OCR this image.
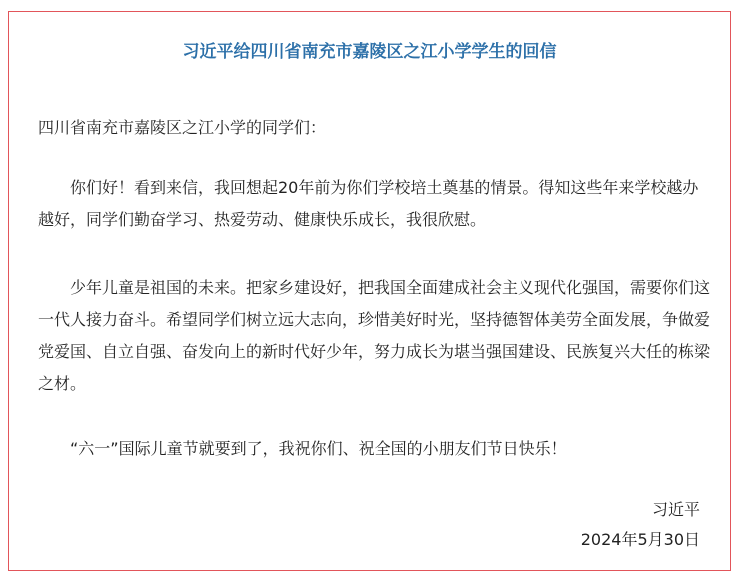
习近平给四川省南充市嘉陵区之江小学学生的回信
四川省南充市嘉陵区之江小学的同学们：

你们好！看到来信，我回想起20年前为你们学校培土奠基的情景。得知这些年来学校越办越好，同学们勤奋学习、热爱劳动、健康快乐成长，我很欣慰。

少年儿童是祖国的未来。把家乡建设好，把我国全面建成社会主义现代化强国，需要你们这一代人接力奋斗。希望同学们树立远大志向，珍惜美好时光，坚持德智体美劳全面发展，争做爱党爱国、自立自强、奋发向上的新时代好少年，努力成长为堪当强国建设、民族复兴大任的栋梁之材。

“六一”国际儿童节就要到了，我祝你们、祝全国的小朋友们节日快乐！

习近平
2024年5月30日
